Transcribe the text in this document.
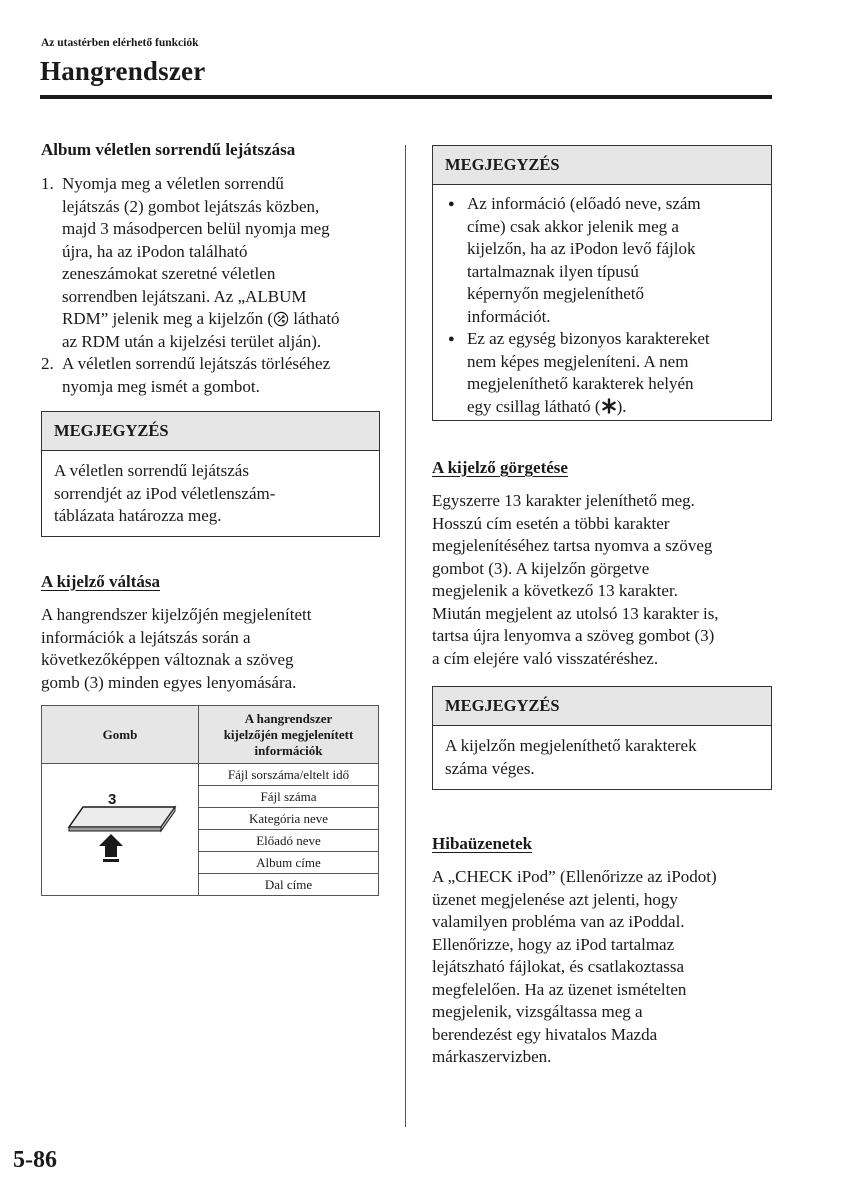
Az utastérben elérhető funkciók
Hangrendszer
Album véletlen sorrendű lejátszása
1. Nyomja meg a véletlen sorrendű
lejátszás (2) gombot lejátszás közben,
majd 3 másodpercen belül nyomja meg
újra, ha az iPodon található
zeneszámokat szeretné véletlen
sorrendben lejátszani. Az „ALBUM
RDM” jelenik meg a kijelzőn ( látható
az RDM után a kijelzési terület alján).
2. A véletlen sorrendű lejátszás törléséhez
nyomja meg ismét a gombot.
MEGJEGYZÉS
A véletlen sorrendű lejátszás
sorrendjét az iPod véletlenszám-
táblázata határozza meg.
A kijelző váltása
A hangrendszer kijelzőjén megjelenített
információk a lejátszás során a
következőképpen változnak a szöveg
gomb (3) minden egyes lenyomására.
Gomb	A hangrendszer
kijelzőjén megjelenített
információk

3	Fájl sorszáma/eltelt idő
	Fájl száma
	Kategória neve
	Előadó neve
	Album címe
	Dal címe
MEGJEGYZÉS
● Az információ (előadó neve, szám
címe) csak akkor jelenik meg a
kijelzőn, ha az iPodon levő fájlok
tartalmaznak ilyen típusú
képernyőn megjeleníthető
információt.
● Ez az egység bizonyos karaktereket
nem képes megjeleníteni. A nem
megjeleníthető karakterek helyén
egy csillag látható ( ).
A kijelző görgetése
Egyszerre 13 karakter jeleníthető meg.
Hosszú cím esetén a többi karakter
megjelenítéséhez tartsa nyomva a szöveg
gombot (3). A kijelzőn görgetve
megjelenik a következő 13 karakter.
Miután megjelent az utolsó 13 karakter is,
tartsa újra lenyomva a szöveg gombot (3)
a cím elejére való visszatéréshez.
MEGJEGYZÉS
A kijelzőn megjeleníthető karakterek
száma véges.
Hibaüzenetek
A „CHECK iPod” (Ellenőrizze az iPodot)
üzenet megjelenése azt jelenti, hogy
valamilyen probléma van az iPoddal.
Ellenőrizze, hogy az iPod tartalmaz
lejátszható fájlokat, és csatlakoztassa
megfelelően. Ha az üzenet ismételten
megjelenik, vizsgáltassa meg a
berendezést egy hivatalos Mazda
márkaszervizben.
5-86
